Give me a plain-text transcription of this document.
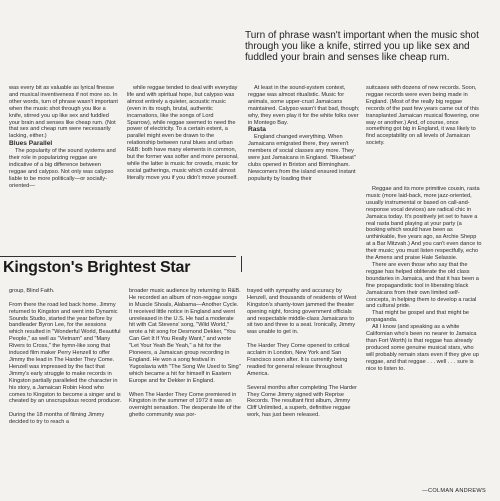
Turn of phrase wasn't important when the music shot through you like a knife, stirred you up like sex and fuddled your brain and senses like cheap rum.

was every bit as valuable as lyrical finesse and musical inventiveness if not more so. In other words, turn of phrase wasn't important when the music shot through you like a knife, stirred you up like sex and fuddled your brain and senses like cheap rum. (Not that sex and cheap rum were necessarily lacking, either.)

Blues Parallel

The popularity of the sound systems and their role in popularizing reggae are indicative of a big difference between reggae and calypso. Not only was calypso liable to be more politically—or socially-oriented—

while reggae tended to deal with everyday life and with spiritual hope, but calypso was almost entirely a quieter, acoustic music (even in its rough, brutal, authentic incarnations, like the songs of Lord Sparrow), while reggae seemed to need the power of electricity. To a certain extent, a parallel might even be drawn to the relationship between rural blues and urban R&B: both have many elements in common, but the former was softer and more personal, while the latter is music for crowds, music for social gatherings, music which could almost literally move you if you didn't move yourself.

At least in the sound-system context, reggae was almost ritualistic. Music for animals, some upper-crust Jamaicans maintained. Calypso wasn't that bad, though; why, they even play it for the white folks over in Montego Bay.

Rasta

England changed everything. When Jamaicans emigrated there, they weren't members of social classes any more. They were just Jamaicans in England. "Bluebeat" clubs opened in Brixton and Birmingham. Newcomers from the island ensured instant popularity by loading their

suitcases with dozens of new records. Soon, reggae records were even being made in England. (Most of the really big reggae records of the past few years came out of this transplanted Jamaican musical flowering, one way or another.) And, of course, once something got big in England, it was likely to find acceptability on all levels of Jamaican society.

Reggae and its more primitive cousin, rasta music (more laid-back, more jazz-oriented, usually instrumental or based on call-and-response vocal devices) are radical chic in Jamaica today. It's positively jet set to have a real rasta band playing at your party (a booking which would have been as unthinkable, five years ago, as Archie Shepp at a Bar Mitzvah.) And you can't even dance to their music; you must listen respectfully, echo the Amens and praise Hale Selassie.

There are even those who say that the reggae has helped obliterate the old class boundaries in Jamaica, and that it has been a fine propagandistic tool in liberating black Jamaicans from their own limited self-concepts, in helping them to develop a racial and cultural pride.

That might be gospel and that might be propaganda.

All I know (and speaking as a white Californian who's been no nearer to Jamaica than Fort Worth) is that reggae has already produced some genuine musical stars, who will probably remain stars even if they give up reggae, and that reggae . . . well . . . sure is nice to listen to.

Kingston's Brightest Star

group, Blind Faith.

From there the road led back home. Jimmy returned to Kingston and went into Dynamic Sounds Studio, started the year before by bandleader Byron Lee, for the sessions which resulted in "Wonderful World, Beautiful People," as well as "Vietnam" and "Many Rivers to Cross," the hymn-like song that induced film maker Perry Henzell to offer Jimmy the lead in The Harder They Come. Henzell was impressed by the fact that Jimmy's early struggle to make records in Kingston partially paralleled the character in his story, a Jamaican Robin Hood who comes to Kingston to become a singer and is cheated by an unscrupulous record producer.

During the 18 months of filming Jimmy decided to try to reach a

broader music audience by returning to R&B. He recorded an album of non-reggae songs in Muscle Shoals, Alabama—Another Cycle. It received little notice in England and went unreleased in the U.S. He had a moderate hit with Cat Stevens' song, "Wild World," wrote a hit song for Desmond Dekker, "You Can Get It If You Really Want," and wrote "Let Your Yeah Be Yeah," a hit for the Pioneers, a Jamaican group recording in England. He won a song festival in Yugoslavia with "The Song We Used to Sing" which became a hit for himself in Eastern Europe and for Dekker in England.

When The Harder They Come premiered in Kingston in the summer of 1972 it was an overnight sensation. The desperate life of the ghetto community was por-

trayed with sympathy and accuracy by Henzell, and thousands of residents of West Kingston's shanty-town jammed the theater opening night, forcing government officials and respectable middle-class Jamaicans to sit two and three to a seat. Ironically, Jimmy was unable to get in.

The Harder They Come opened to critical acclaim in London, New York and San Francisco soon after. It is currently being readied for general release throughout America.

Several months after completing The Harder They Come Jimmy signed with Reprise Records. The resultant first album, Jimmy Cliff Unlimited, a superb, definitive reggae work, has just been released.

—COLMAN ANDREWS
